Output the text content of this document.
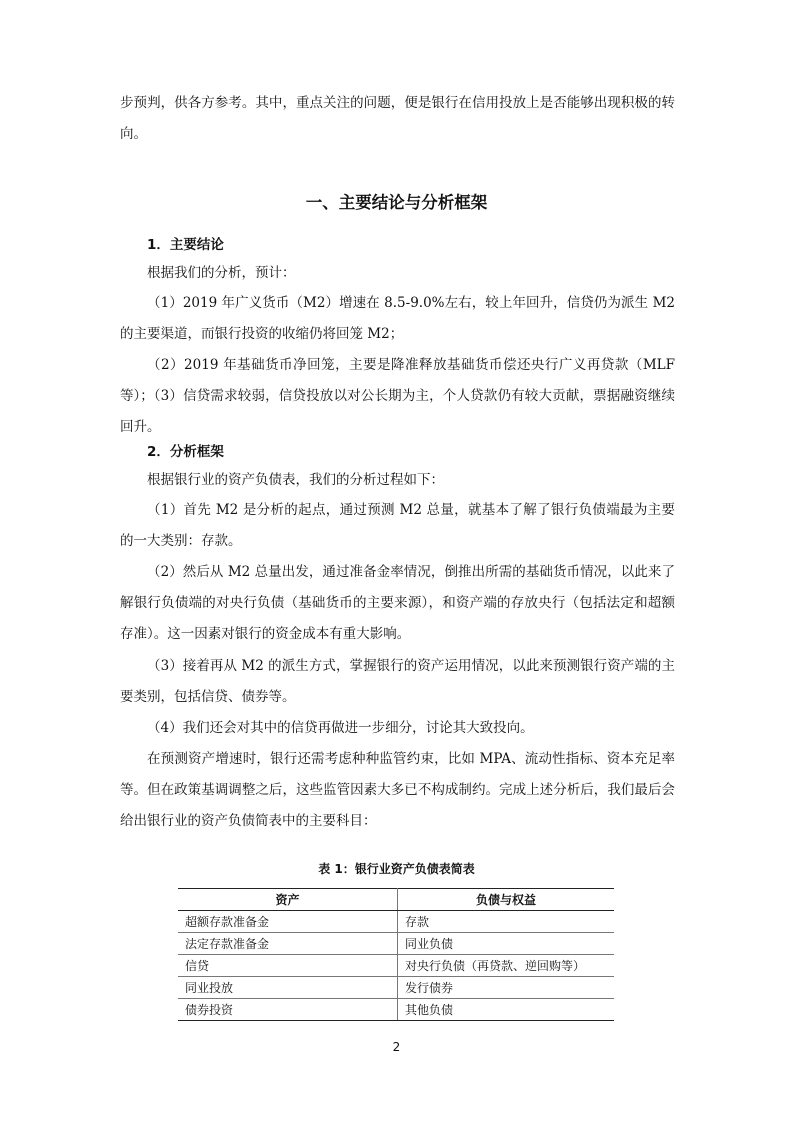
步预判，供各方参考。其中，重点关注的问题，便是银行在信用投放上是否能够出现积极的转向。

一、主要结论与分析框架
1．主要结论

根据我们的分析，预计：

（1）2019 年广义货币（M2）增速在 8.5-9.0%左右，较上年回升，信贷仍为派生 M2 的主要渠道，而银行投资的收缩仍将回笼 M2；

（2）2019 年基础货币净回笼，主要是降准释放基础货币偿还央行广义再贷款（MLF 等）；

（3）信贷需求较弱，信贷投放以对公长期为主，个人贷款仍有较大贡献，票据融资继续回升。

2．分析框架

根据银行业的资产负债表，我们的分析过程如下：

（1）首先 M2 是分析的起点，通过预测 M2 总量，就基本了解了银行负债端最为主要的一大类别：存款。

（2）然后从 M2 总量出发，通过准备金率情况，倒推出所需的基础货币情况，以此来了解银行负债端的对央行负债（基础货币的主要来源），和资产端的存放央行（包括法定和超额存准）。这一因素对银行的资金成本有重大影响。

（3）接着再从 M2 的派生方式，掌握银行的资产运用情况，以此来预测银行资产端的主要类别，包括信贷、债券等。

（4）我们还会对其中的信贷再做进一步细分，讨论其大致投向。

在预测资产增速时，银行还需考虑种种监管约束，比如 MPA、流动性指标、资本充足率等。但在政策基调调整之后，这些监管因素大多已不构成制约。完成上述分析后，我们最后会给出银行业的资产负债简表中的主要科目：

表 1：银行业资产负债表简表

资产	负债与权益
超额存款准备金	存款
法定存款准备金	同业负债
信贷	对央行负债（再贷款、逆回购等）
同业投放	发行债券
债券投资	其他负债

2
